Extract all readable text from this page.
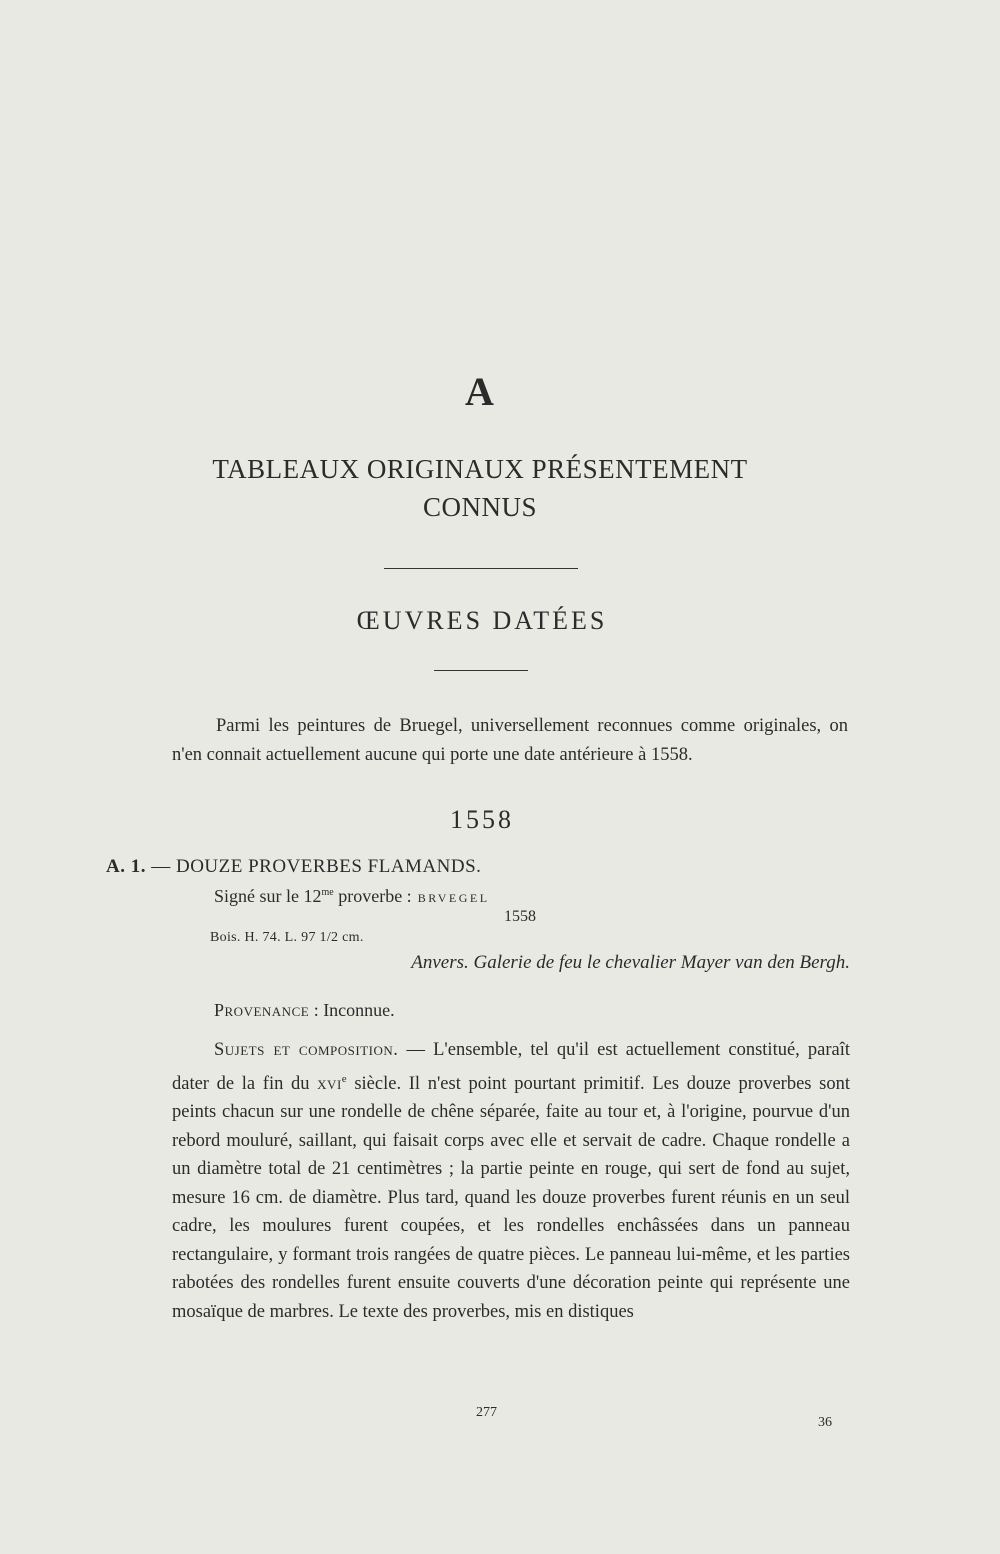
A
TABLEAUX ORIGINAUX PRÉSENTEMENT
CONNUS
ŒUVRES DATÉES

Parmi les peintures de Bruegel, universellement reconnues comme originales, on n'en connait actuellement aucune qui porte une date antérieure à 1558.

1558
A. 1. — DOUZE PROVERBES FLAMANDS.
Signé sur le $12^{me}$ proverbe : BRVEGEL
1558
Bois. H. 74. L. 97 1/2 cm.
Anvers. Galerie de feu le chevalier Mayer van den Bergh.
Provenance : Inconnue.

Sujets et composition. — L'ensemble, tel qu'il est actuellement constitué, paraît dater de la fin du xvi$^e$ siècle. Il n'est point pourtant primitif. Les douze proverbes sont peints chacun sur une rondelle de chêne séparée, faite au tour et, à l'origine, pourvue d'un rebord mouluré, saillant, qui faisait corps avec elle et servait de cadre. Chaque rondelle a un diamètre total de 21 centimètres ; la partie peinte en rouge, qui sert de fond au sujet, mesure 16 cm. de diamètre. Plus tard, quand les douze proverbes furent réunis en un seul cadre, les moulures furent coupées, et les rondelles enchâssées dans un panneau rectangulaire, y formant trois rangées de quatre pièces. Le panneau lui-même, et les parties rabotées des rondelles furent ensuite couverts d'une décoration peinte qui représente une mosaïque de marbres. Le texte des proverbes, mis en distiques

277
36
